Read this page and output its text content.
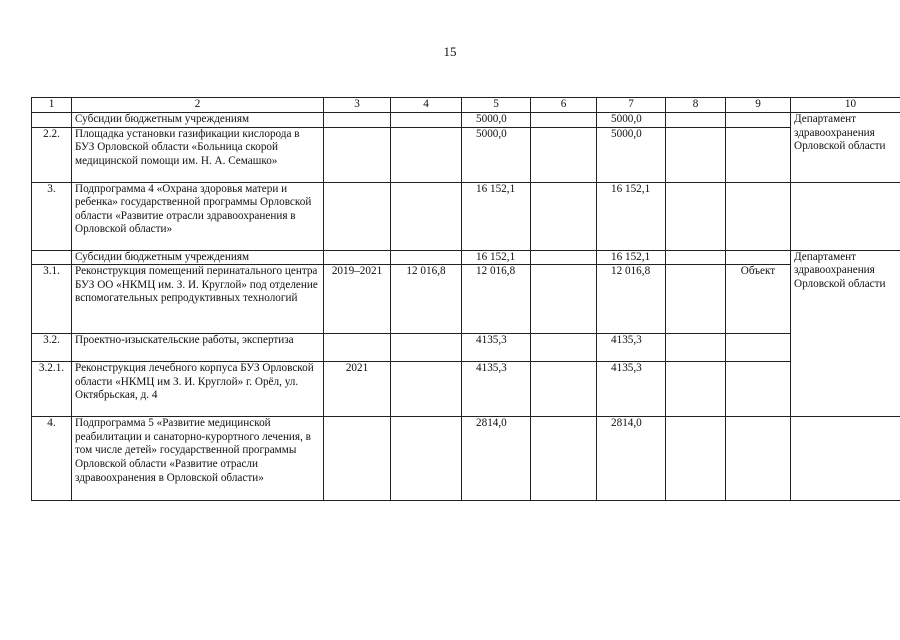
15
1	2	3	4	5	6	7	8	9	10
	Субсидии бюджетным учреждениям			5000,0		5000,0			Департамент здравоохранения Орловской области
2.2.	Площадка установки газификации кислорода в БУЗ Орловской области «Больница скорой медицинской помощи им. Н. А. Семашко»			5000,0		5000,0			
3.	Подпрограмма 4 «Охрана здоровья матери и ребенка» государственной программы Орловской области «Развитие отрасли здравоохранения в Орловской области»			16 152,1		16 152,1			
	Субсидии бюджетным учреждениям			16 152,1		16 152,1			Департамент здравоохранения Орловской области
3.1.	Реконструкция помещений перинатального центра БУЗ ОО «НКМЦ им. З. И. Круглой» под отделение вспомогательных репродуктивных технологий	2019–2021	12 016,8	12 016,8		12 016,8		Объект	
3.2.	Проектно-изыскательские работы, экспертиза			4135,3		4135,3			
3.2.1.	Реконструкция лечебного корпуса БУЗ Орловской области «НКМЦ им З. И. Круглой» г. Орёл, ул. Октябрьская, д. 4	2021		4135,3		4135,3			
4.	Подпрограмма 5 «Развитие медицинской реабилитации и санаторно-курортного лечения, в том числе детей» государственной программы Орловской области «Развитие отрасли здравоохранения в Орловской области»			2814,0		2814,0			
